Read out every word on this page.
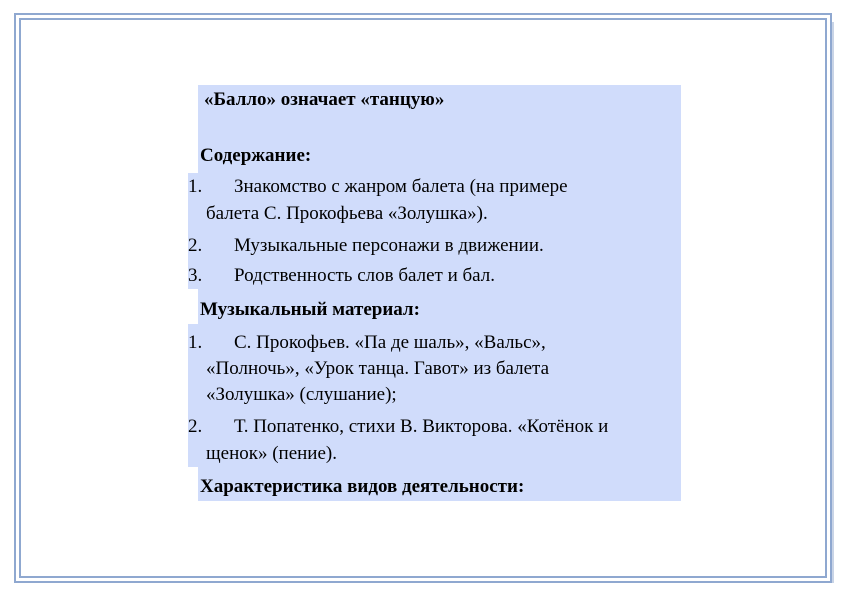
«Балло» означает «танцую»
Содержание:
1. Знакомство с жанром балета (на примере
балета С. Прокофьева «Золушка»).
2. Музыкальные персонажи в движении.
3. Родственность слов балет и бал.
Музыкальный материал:
1. С. Прокофьев. «Па де шаль», «Вальс»,
«Полночь», «Урок танца. Гавот» из балета
«Золушка» (слушание);
2. Т. Попатенко, стихи В. Викторова. «Котёнок и
щенок» (пение).
Характеристика видов деятельности:
